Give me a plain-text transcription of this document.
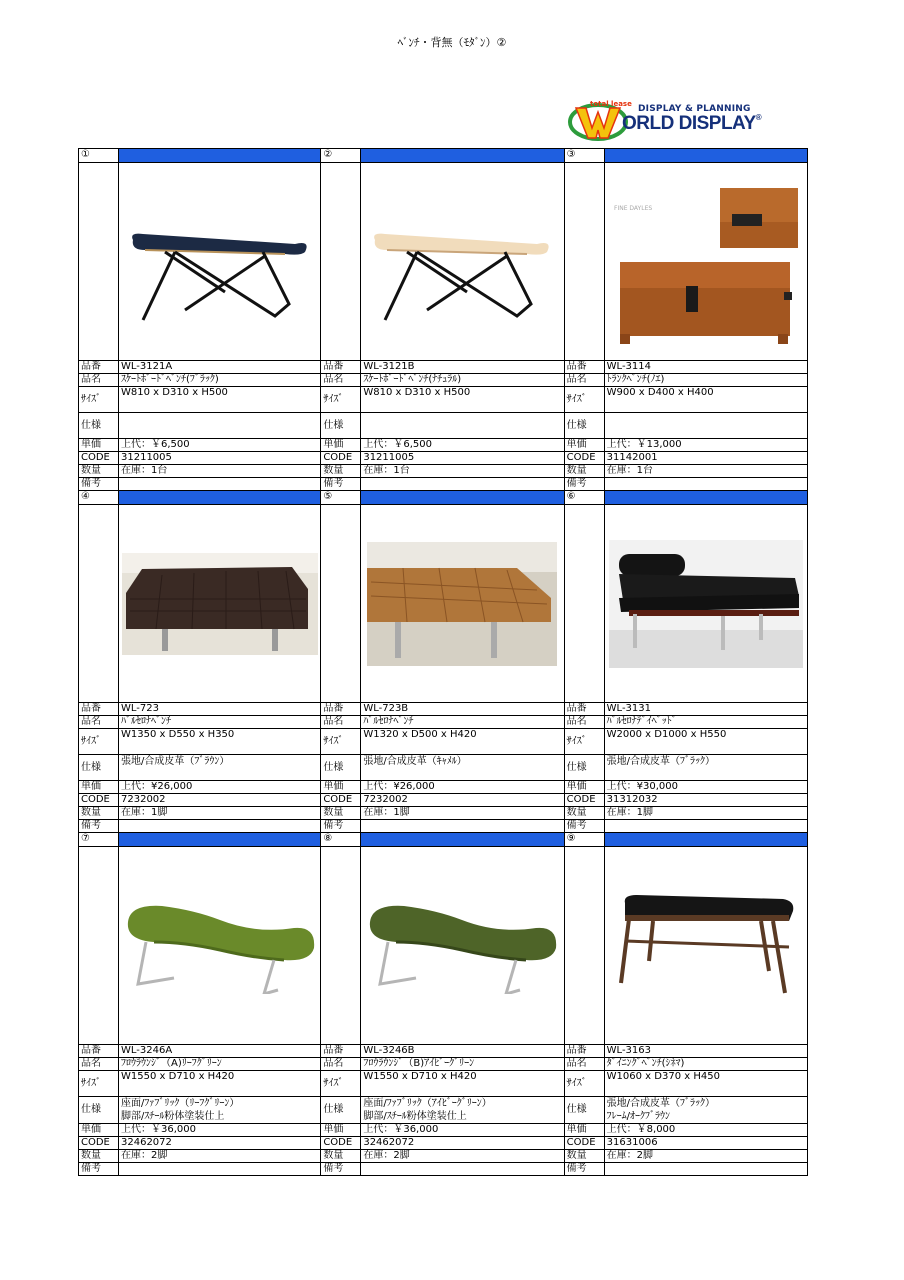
ﾍﾞﾝﾁ・背無（ﾓﾀﾞﾝ）②
total lease DISPLAY & PLANNING
ORLD DISPLAY®
①
品番	WL-3121A
品名	ｽｹｰﾄﾎﾞｰﾄﾞﾍﾞﾝﾁ(ﾌﾞﾗｯｸ)
ｻｲｽﾞ
W810 x D310 x H500
仕様
単価	上代：￥6,500
CODE	31211005
数量	在庫：1台
備考
②
品番	WL-3121B
品名	ｽｹｰﾄﾎﾞｰﾄﾞﾍﾞﾝﾁ(ﾅﾁｭﾗﾙ)
ｻｲｽﾞ
W810 x D310 x H500
仕様
単価	上代：￥6,500
CODE	31211005
数量	在庫：1台
備考
③
FINE DAYLES
品番	WL-3114
品名	ﾄﾗﾝｸﾍﾞﾝﾁ(ﾉｴ)
ｻｲｽﾞ
W900 x D400 x H400
仕様
単価	上代：￥13,000
CODE	31142001
数量	在庫：1台
備考
④
品番	WL-723
品名	ﾊﾞﾙｾﾛﾅﾍﾞﾝﾁ
ｻｲｽﾞ
W1350 x D550 x H350
仕様	張地/合成皮革（ﾌﾞﾗｳﾝ）
単価	上代：¥26,000
CODE	7232002
数量	在庫：1脚
備考
⑤
品番	WL-723B
品名	ﾊﾞﾙｾﾛﾅﾍﾞﾝﾁ
ｻｲｽﾞ
W1320 x D500 x H420
仕様	張地/合成皮革（ｷｬﾒﾙ）
単価	上代：¥26,000
CODE	7232002
数量	在庫：1脚
備考
⑥
品番	WL-3131
品名	ﾊﾞﾙｾﾛﾅﾃﾞｲﾍﾞｯﾄﾞ
ｻｲｽﾞ
W2000 x D1000 x H550
仕様	張地/合成皮革（ﾌﾞﾗｯｸ）
単価	上代：¥30,000
CODE	31312032
数量	在庫：1脚
備考
⑦
品番	WL-3246A
品名	ﾌﾛｳﾗｳﾝｼﾞ（A)ﾘｰﾌｸﾞﾘｰﾝ
ｻｲｽﾞ
W1550 x D710 x H420
仕様
座面/ﾌｧﾌﾞﾘｯｸ（ﾘｰﾌｸﾞﾘｰﾝ）
脚部/ｽﾁｰﾙ粉体塗装仕上
単価	上代：￥36,000
CODE	32462072
数量	在庫：2脚
備考
⑧
品番	WL-3246B
品名	ﾌﾛｳﾗｳﾝｼﾞ（B)ｱｲﾋﾞｰｸﾞﾘｰﾝ
ｻｲｽﾞ
W1550 x D710 x H420
仕様
座面/ﾌｧﾌﾞﾘｯｸ（ｱｲﾋﾞｰｸﾞﾘｰﾝ）
脚部/ｽﾁｰﾙ粉体塗装仕上
単価	上代：￥36,000
CODE	32462072
数量	在庫：2脚
備考
⑨
品番	WL-3163
品名	ﾀﾞｲﾆﾝｸﾞﾍﾞﾝﾁ(ｼﾈﾏ)
ｻｲｽﾞ
W1060 x D370 x H450
仕様
張地/合成皮革（ﾌﾞﾗｯｸ）
ﾌﾚｰﾑ/ｵｰｸﾌﾞﾗｳﾝ
単価	上代：￥8,000
CODE	31631006
数量	在庫：2脚
備考
